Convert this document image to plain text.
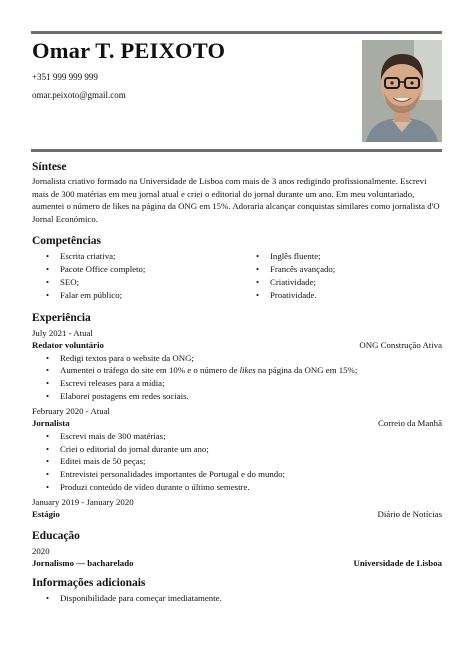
Omar T. PEIXOTO
+351 999 999 999
omar.peixoto@gmail.com
Síntese

Jornalista criativo formado na Universidade de Lisboa com mais de 3 anos redigindo profissionalmente. Escrevi mais de 300 matérias em meu jornal atual e criei o editorial do jornal durante um ano. Em meu voluntariado, aumentei o número de likes na página da ONG em 15%. Adoraria alcançar conquistas similares como jornalista d'O Jornal Económico.

Competências
• Escrita criativa;
• Pacote Office completo;
• SEO;
• Falar em público;
• Inglês fluente;
• Francês avançado;
• Criatividade;
• Proatividade.
Experiência
July 2021 - Atual
Redator voluntário	ONG Construção Ativa
• Redigi textos para o website da ONG;
• Aumentei o tráfego do site em 10% e o número de likes na página da ONG em 15%;
• Escrevi releases para a mídia;
• Elaborei postagens em redes sociais.
February 2020 - Atual
Jornalista	Correio da Manhã
• Escrevi mais de 300 matérias;
• Criei o editorial do jornal durante um ano;
• Editei mais de 50 peças;
• Entrevistei personalidades importantes de Portugal e do mundo;
• Produzi conteúdo de vídeo durante o último semestre.
January 2019 - January 2020
Estágio	Diário de Notícias
Educação
2020
Jornalismo — bacharelado	Universidade de Lisboa
Informações adicionais
• Disponibilidade para começar imediatamente.
